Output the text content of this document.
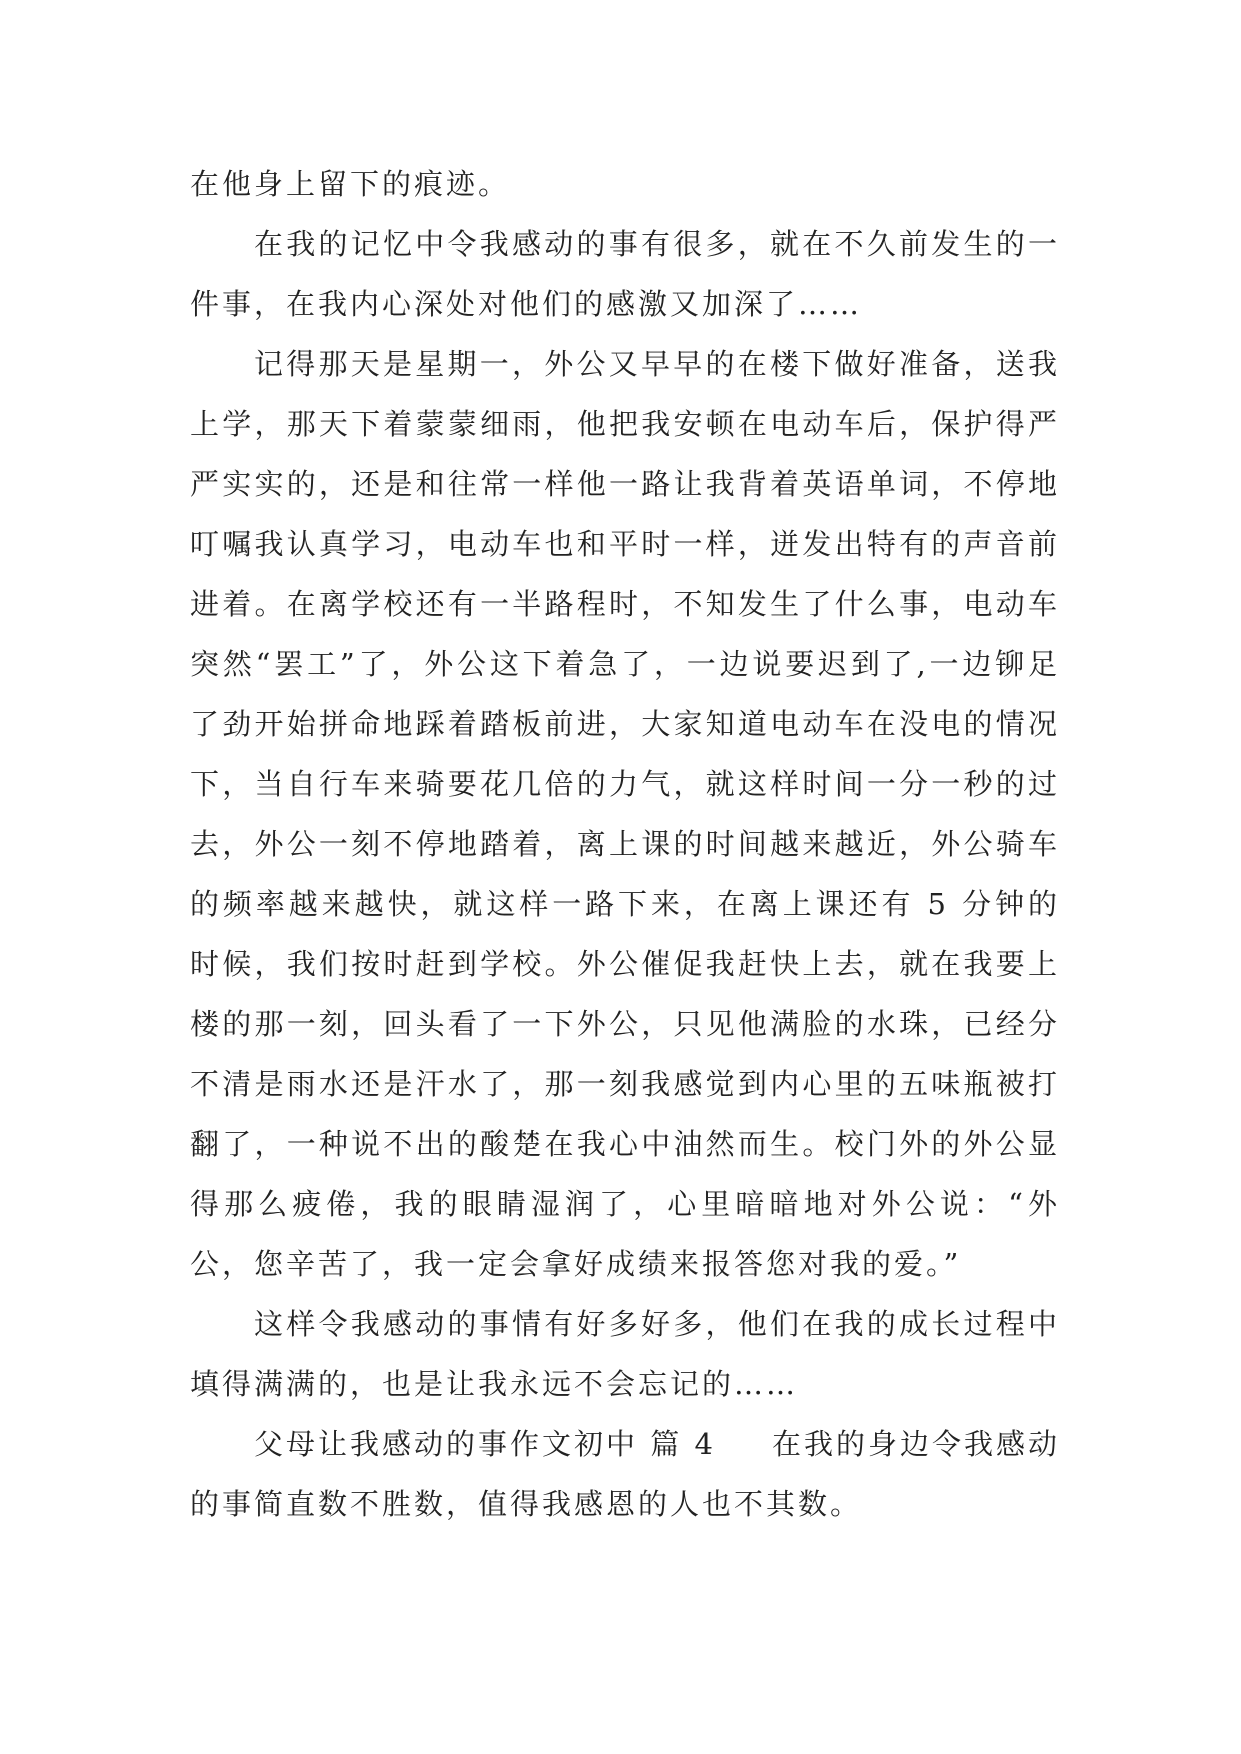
在他身上留下的痕迹。

在我的记忆中令我感动的事有很多，就在不久前发生的一件事，在我内心深处对他们的感激又加深了……

记得那天是星期一，外公又早早的在楼下做好准备，送我上学，那天下着蒙蒙细雨，他把我安顿在电动车后，保护得严严实实的，还是和往常一样他一路让我背着英语单词，不停地叮嘱我认真学习，电动车也和平时一样，迸发出特有的声音前进着。在离学校还有一半路程时，不知发生了什么事，电动车突然“罢工”了，外公这下着急了，一边说要迟到了,一边铆足了劲开始拼命地踩着踏板前进，大家知道电动车在没电的情况下，当自行车来骑要花几倍的力气，就这样时间一分一秒的过去，外公一刻不停地踏着，离上课的时间越来越近，外公骑车的频率越来越快，就这样一路下来，在离上课还有 5 分钟的时候，我们按时赶到学校。外公催促我赶快上去，就在我要上楼的那一刻，回头看了一下外公，只见他满脸的水珠，已经分不清是雨水还是汗水了，那一刻我感觉到内心里的五味瓶被打翻了，一种说不出的酸楚在我心中油然而生。校门外的外公显得那么疲倦，我的眼睛湿润了，心里暗暗地对外公说：“外公，您辛苦了，我一定会拿好成绩来报答您对我的爱。”

这样令我感动的事情有好多好多，他们在我的成长过程中填得满满的，也是让我永远不会忘记的……

父母让我感动的事作文初中 篇 4 在我的身边令我感动的事简直数不胜数，值得我感恩的人也不其数。
